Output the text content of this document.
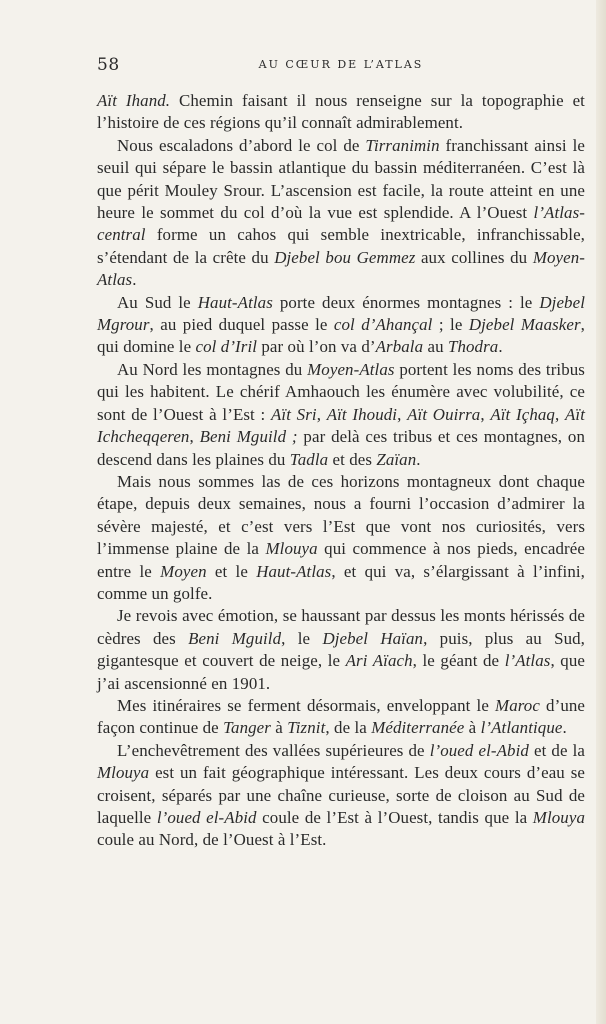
58	AU CŒUR DE L’ATLAS

Aït Ihand. Chemin faisant il nous renseigne sur la topographie et l’histoire de ces régions qu’il connaît admirablement.

Nous escaladons d’abord le col de Tirranimin franchissant ainsi le seuil qui sépare le bassin atlantique du bassin méditerranéen. C’est là que périt Mouley Srour. L’ascension est facile, la route atteint en une heure le sommet du col d’où la vue est splendide. A l’Ouest l’Atlas-central forme un cahos qui semble inextricable, infranchissable, s’étendant de la crête du Djebel bou Gemmez aux collines du Moyen-Atlas.

Au Sud le Haut-Atlas porte deux énormes montagnes : le Djebel Mgrour, au pied duquel passe le col d’Ahançal ; le Djebel Maasker, qui domine le col d’Iril par où l’on va d’Arbala au Thodra.

Au Nord les montagnes du Moyen-Atlas portent les noms des tribus qui les habitent. Le chérif Amhaouch les énumère avec volubilité, ce sont de l’Ouest à l’Est : Aït Sri, Aït Ihoudi, Aït Ouirra, Aït Içhaq, Aït Ichcheqqeren, Beni Mguild ; par delà ces tribus et ces montagnes, on descend dans les plaines du Tadla et des Zaïan.

Mais nous sommes las de ces horizons montagneux dont chaque étape, depuis deux semaines, nous a fourni l’occasion d’admirer la sévère majesté, et c’est vers l’Est que vont nos curiosités, vers l’immense plaine de la Mlouya qui commence à nos pieds, encadrée entre le Moyen et le Haut-Atlas, et qui va, s’élargissant à l’infini, comme un golfe.

Je revois avec émotion, se haussant par dessus les monts hérissés de cèdres des Beni Mguild, le Djebel Haïan, puis, plus au Sud, gigantesque et couvert de neige, le Ari Aïach, le géant de l’Atlas, que j’ai ascensionné en 1901.

Mes itinéraires se ferment désormais, enveloppant le Maroc d’une façon continue de Tanger à Tiznit, de la Méditerranée à l’Atlantique.

L’enchevêtrement des vallées supérieures de l’oued el-Abid et de la Mlouya est un fait géographique intéressant. Les deux cours d’eau se croisent, séparés par une chaîne curieuse, sorte de cloison au Sud de laquelle l’oued el-Abid coule de l’Est à l’Ouest, tandis que la Mlouya coule au Nord, de l’Ouest à l’Est.
